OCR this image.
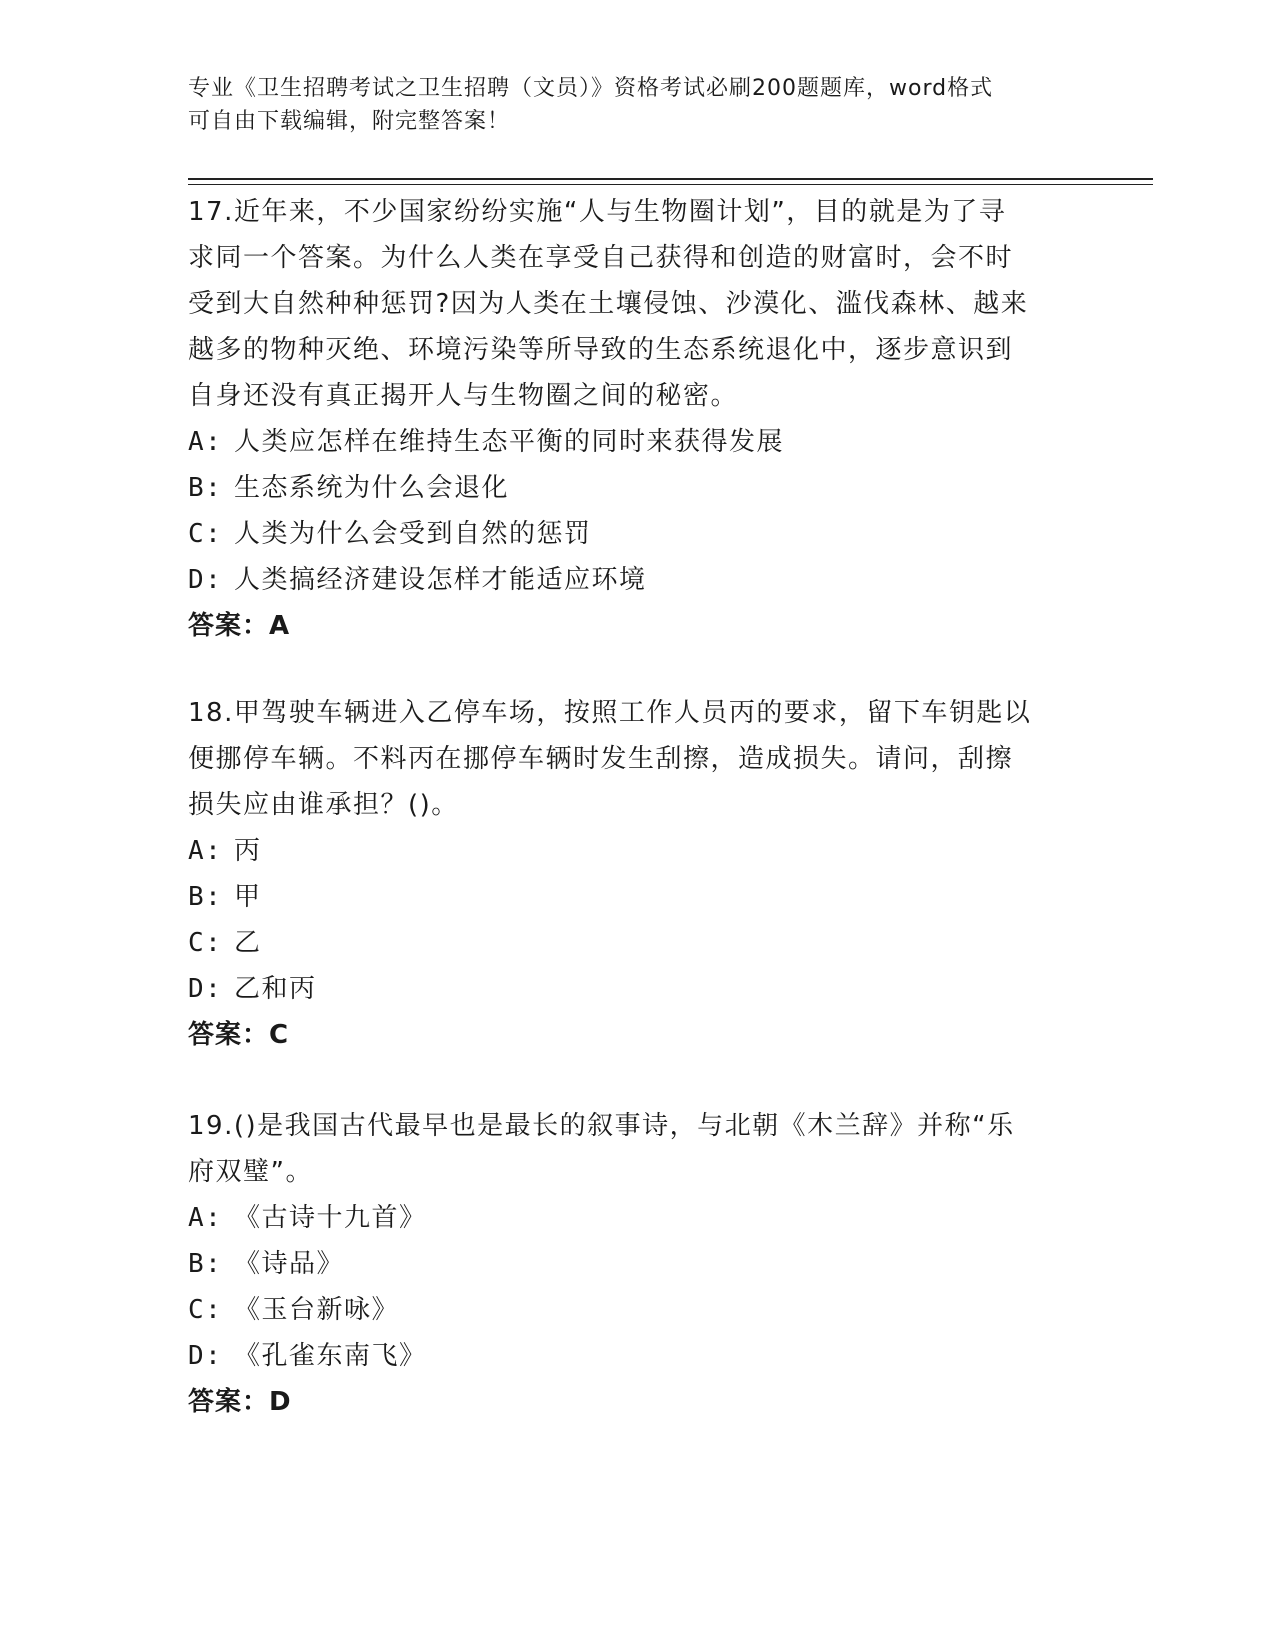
专业《卫生招聘考试之卫生招聘（文员）》资格考试必刷200题题库，word格式
可自由下载编辑，附完整答案！
17.近年来，不少国家纷纷实施“人与生物圈计划”，目的就是为了寻
求同一个答案。为什么人类在享受自己获得和创造的财富时，会不时
受到大自然种种惩罚?因为人类在土壤侵蚀、沙漠化、滥伐森林、越来
越多的物种灭绝、环境污染等所导致的生态系统退化中，逐步意识到
自身还没有真正揭开人与生物圈之间的秘密。
A: 人类应怎样在维持生态平衡的同时来获得发展
B: 生态系统为什么会退化
C: 人类为什么会受到自然的惩罚
D: 人类搞经济建设怎样才能适应环境
答案：A
18.甲驾驶车辆进入乙停车场，按照工作人员丙的要求，留下车钥匙以
便挪停车辆。不料丙在挪停车辆时发生刮擦，造成损失。请问，刮擦
损失应由谁承担？()。
A: 丙
B: 甲
C: 乙
D: 乙和丙
答案：C
19.()是我国古代最早也是最长的叙事诗，与北朝《木兰辞》并称“乐
府双璧”。
A: 《古诗十九首》
B: 《诗品》
C: 《玉台新咏》
D: 《孔雀东南飞》
答案：D
